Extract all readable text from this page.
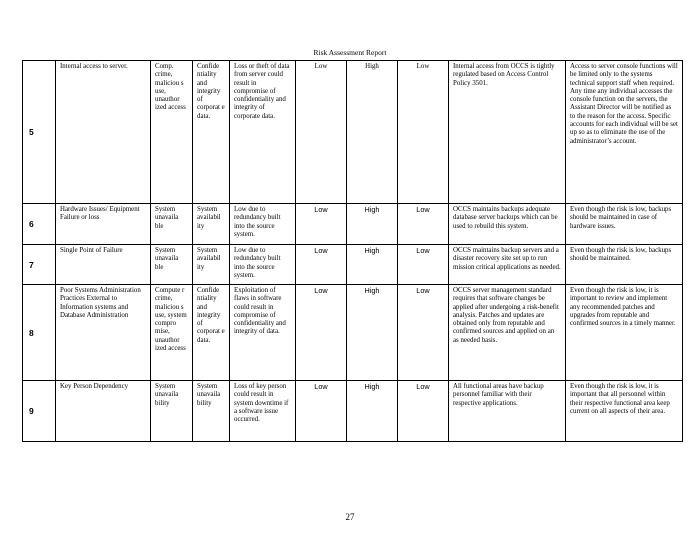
Risk Assessment Report
5	Internal access to server.	Comp. crime, maliciou s use, unauthor ized access	Confide ntiality and integrity of corporat e data.	Loss or theft of data from server could result in compromise of confidentiality and integrity of corporate data.	Low	High	Low	Internal access from OCCS is tightly regulated based on Access Control Policy 3501.	Access to server console functions will be limited only to the systems technical support staff when required. Any time any individual accesses the console function on the servers, the Assistant Director will be notified as to the reason for the access. Specific accounts for each individual will be set up so as to eliminate the use of the administrator’s account.
6	Hardware Issues/ Equipment Failure or loss	System unavaila ble	System availabil ity	Low due to redundancy built into the source system.	Low	High	Low	OCCS maintains backups adequate database server backups which can be used to rebuild this system.	Even though the risk is low, backups should be maintained in case of hardware issues.
7	Single Point of Failure	System unavaila ble	System availabil ity	Low due to redundancy built into the source system.	Low	High	Low	OCCS maintains backup servers and a disaster recovery site set up to run mission critical applications as needed.	Even though the risk is low, backups should be maintained.
8	Poor Systems Administration Practices External to Information systems and Database Administration	Compute r crime, maliciou s use, system compro mise, unauthor ized access	Confide ntiality and integrity of corporat e data.	Exploitation of flaws in software could result in compromise of confidentiality and integrity of data.	Low	High	Low	OCCS server management standard requires that software changes be applied after undergoing a risk-benefit analysis. Patches and updates are obtained only from reputable and confirmed sources and applied on an as needed basis.	Even though the risk is low, it is important to review and implement any recommended patches and upgrades from reputable and confirmed sources in a timely manner.
9	Key Person Dependency	System unavaila bility	System unavaila bility	Loss of key person could result in system downtime if a software issue occurred.	Low	High	Low	All functional areas have backup personnel familiar with their respective applications.	Even though the risk is low, it is important that all personnel within their respective functional area keep current on all aspects of their area.
27
